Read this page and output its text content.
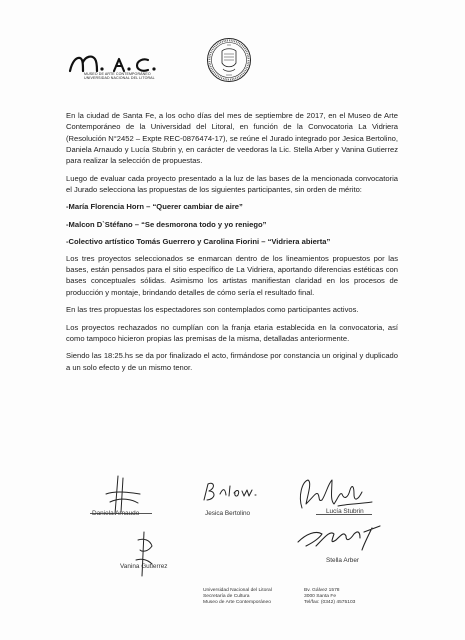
MUSEO DE ARTE CONTEMPORÁNEO
UNIVERSIDAD NACIONAL DEL LITORAL

En la ciudad de Santa Fe, a los ocho días del mes de septiembre de 2017, en el Museo de Arte Contemporáneo de la Universidad del Litoral, en función de la Convocatoria La Vidriera (Resolución N°2452 – Expte REC-0876474-17), se reúne el Jurado integrado por Jesica Bertolino, Daniela Arnaudo y Lucía Stubrin y, en carácter de veedoras la Lic. Stella Arber y Vanina Gutierrez para realizar la selección de propuestas.

Luego de evaluar cada proyecto presentado a la luz de las bases de la mencionada convocatoria el Jurado selecciona las propuestas de los siguientes participantes, sin orden de mérito:

-María Florencia Horn – “Querer cambiar de aire”

-Malcon D`Stéfano – “Se desmorona todo y yo reniego”

-Colectivo artístico Tomás Guerrero y Carolina Fiorini – “Vidriera abierta”

Los tres proyectos seleccionados se enmarcan dentro de los lineamientos propuestos por las bases, están pensados para el sitio específico de La Vidriera, aportando diferencias estéticas con bases conceptuales sólidas. Asimismo los artistas manifiestan claridad en los procesos de producción y montaje, brindando detalles de cómo sería el resultado final.

En las tres propuestas los espectadores son contemplados como participantes activos.

Los proyectos rechazados no cumplían con la franja etaria establecida en la convocatoria, así como tampoco hicieron propias las premisas de la misma, detalladas anteriormente.

Siendo las 18:25.hs se da por finalizado el acto, firmándose por constancia un original y duplicado a un solo efecto y de un mismo tenor.

Daniela Arnaudo	Jesica Bertolino	Lucía Stubrin
Vanina Gutierrez
Stella Arber
Universidad Nacional del Litoral
Secretaría de Cultura
Museo de Arte Contemporáneo
Bv. Gálvez 1578
3000 Santa Fe
Tel/fax: (0342) 4575103
